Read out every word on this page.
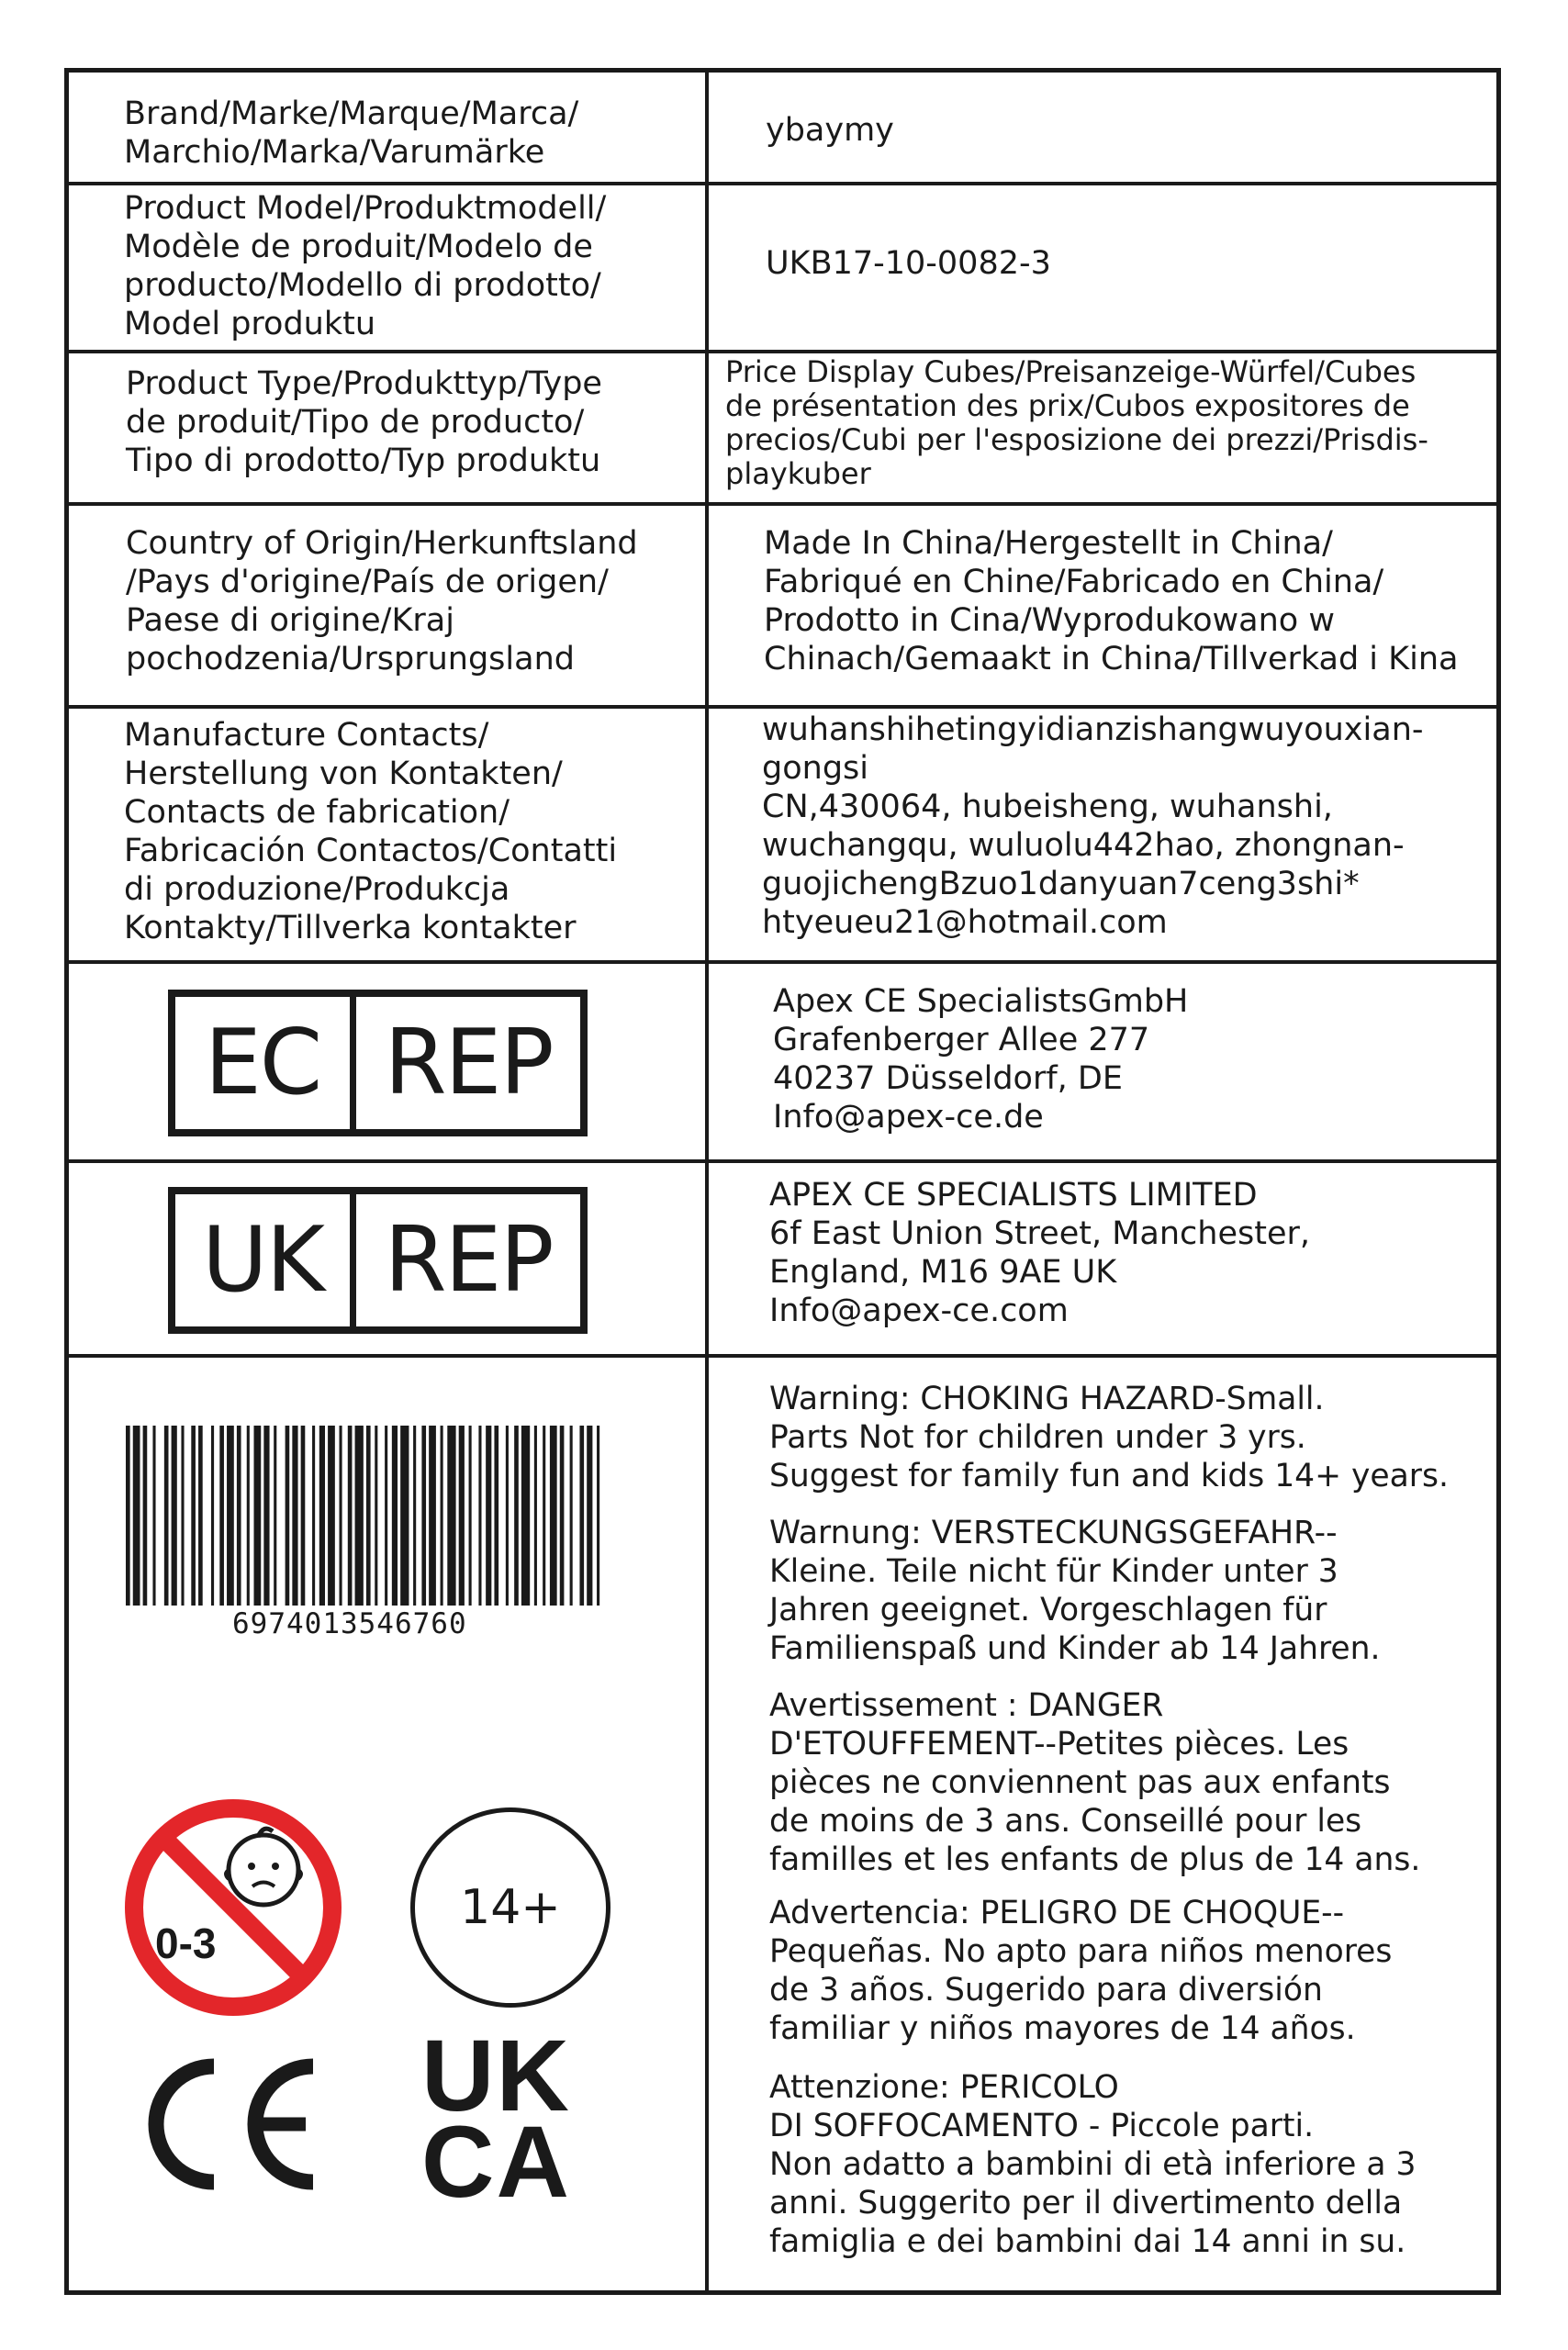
Brand/Marke/Marque/Marca/
Marchio/Marka/Varumärke
ybaymy
Product Model/Produktmodell/
Modèle de produit/Modelo de
producto/Modello di prodotto/
Model produktu
UKB17-10-0082-3
Product Type/Produkttyp/Type
de produit/Tipo de producto/
Tipo di prodotto/Typ produktu
Price Display Cubes/Preisanzeige-Würfel/Cubes
de présentation des prix/Cubos expositores de
precios/Cubi per l'esposizione dei prezzi/Prisdis-
playkuber
Country of Origin/Herkunftsland
/Pays d'origine/País de origen/
Paese di origine/Kraj
pochodzenia/Ursprungsland
Made In China/Hergestellt in China/
Fabriqué en Chine/Fabricado en China/
Prodotto in Cina/Wyprodukowano w
Chinach/Gemaakt in China/Tillverkad i Kina
Manufacture Contacts/
Herstellung von Kontakten/
Contacts de fabrication/
Fabricación Contactos/Contatti
di produzione/Produkcja
Kontakty/Tillverka kontakter
wuhanshihetingyidianzishangwuyouxian-
gongsi
CN,430064, hubeisheng, wuhanshi,
wuchangqu, wuluolu442hao, zhongnan-
guojichengBzuo1danyuan7ceng3shi*
htyeueu21@hotmail.com
EC REP
Apex CE SpecialistsGmbH
Grafenberger Allee 277
40237 Düsseldorf, DE
Info@apex-ce.de
UK REP
APEX CE SPECIALISTS LIMITED
6f East Union Street, Manchester,
England, M16 9AE UK
Info@apex-ce.com
6974013546760
0-3
14+
UK
CA
Warning: CHOKING HAZARD-Small.
Parts Not for children under 3 yrs.
Suggest for family fun and kids 14+ years.
Warnung: VERSTECKUNGSGEFAHR--
Kleine. Teile nicht für Kinder unter 3
Jahren geeignet. Vorgeschlagen für
Familienspaß und Kinder ab 14 Jahren.
Avertissement : DANGER
D'ETOUFFEMENT--Petites pièces. Les
pièces ne conviennent pas aux enfants
de moins de 3 ans. Conseillé pour les
familles et les enfants de plus de 14 ans.
Advertencia: PELIGRO DE CHOQUE--
Pequeñas. No apto para niños menores
de 3 años. Sugerido para diversión
familiar y niños mayores de 14 años.
Attenzione: PERICOLO
DI SOFFOCAMENTO - Piccole parti.
Non adatto a bambini di età inferiore a 3
anni. Suggerito per il divertimento della
famiglia e dei bambini dai 14 anni in su.
